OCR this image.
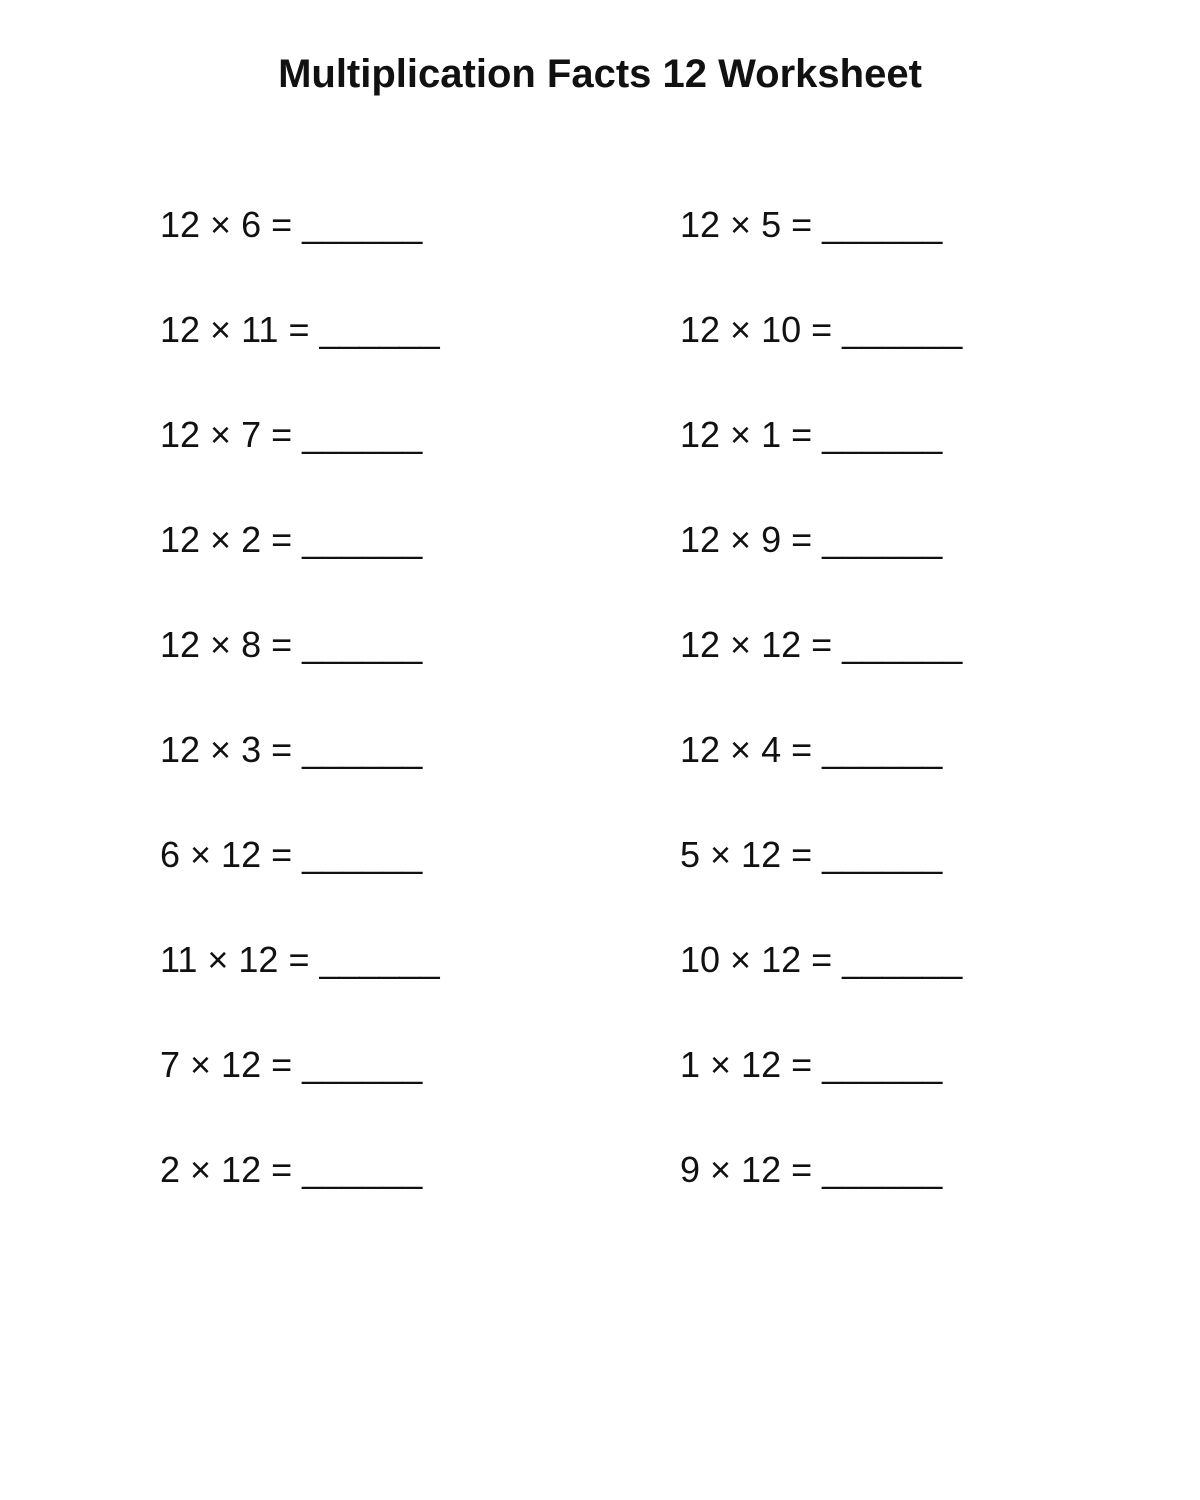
Multiplication Facts 12 Worksheet
12 × 6 = ______
12 × 11 = ______
12 × 7 = ______
12 × 2 = ______
12 × 8 = ______
12 × 3 = ______
6 × 12 = ______
11 × 12 = ______
7 × 12 = ______
2 × 12 = ______
12 × 5 = ______
12 × 10 = ______
12 × 1 = ______
12 × 9 = ______
12 × 12 = ______
12 × 4 = ______
5 × 12 = ______
10 × 12 = ______
1 × 12 = ______
9 × 12 = ______
